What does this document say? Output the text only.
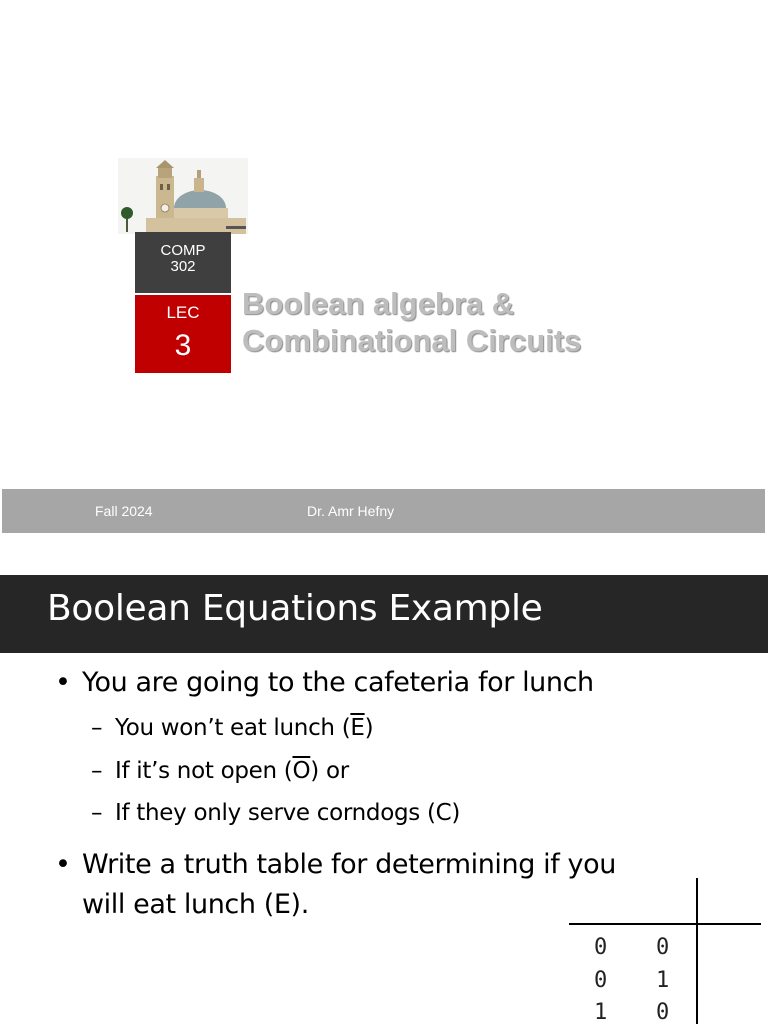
COMP
302
LEC
3
Boolean algebra &
Combinational Circuits
Fall 2024	Dr. Amr Hefny
Boolean Equations Example
• You are going to the cafeteria for lunch
– You won’t eat lunch $(\overline{E})$
– If it’s not open $(\overline{O})$ or
– If they only serve corndogs (C)
• Write a truth table for determining if you
will eat lunch (E).
0 0
0 1
1 0
